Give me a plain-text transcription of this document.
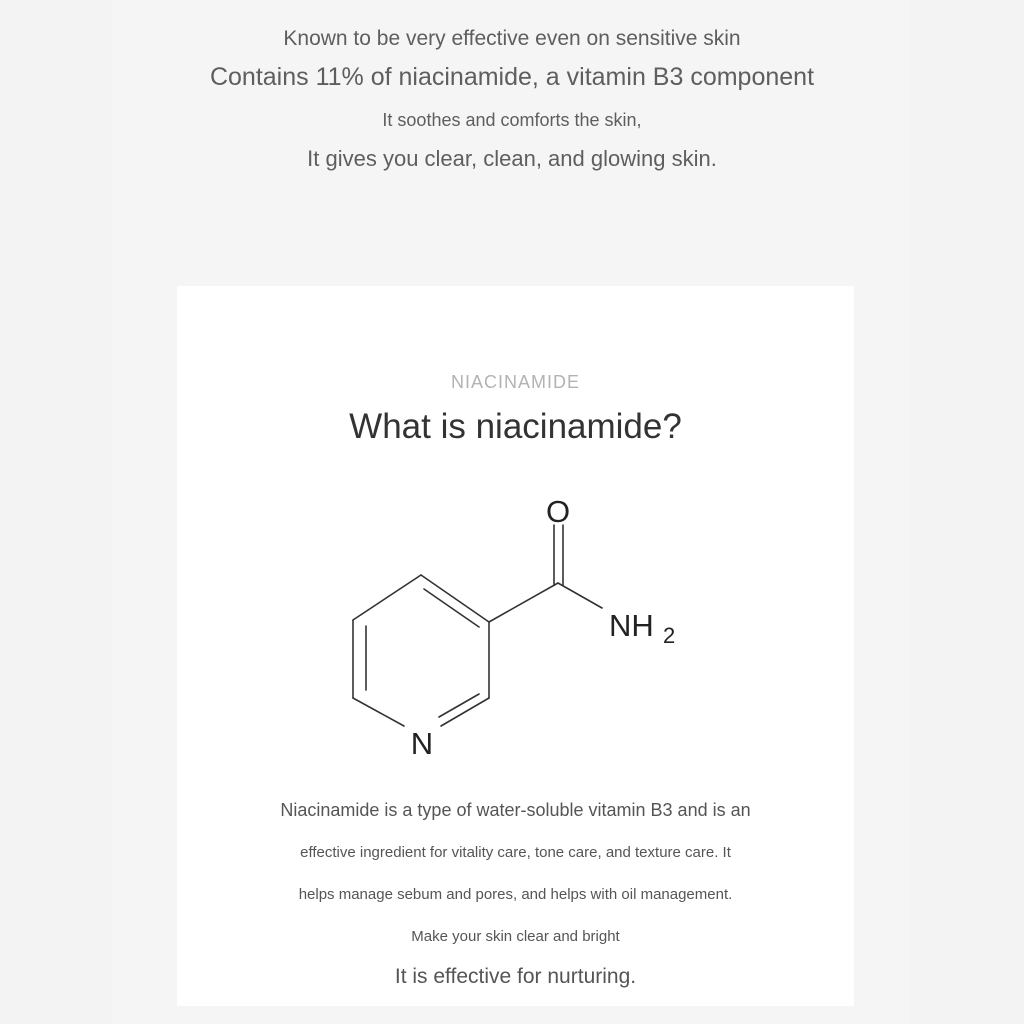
Known to be very effective even on sensitive skin
Contains 11% of niacinamide, a vitamin B3 component
It soothes and comforts the skin,
It gives you clear, clean, and glowing skin.
NIACINAMIDE
What is niacinamide?
O
NH 2
N
Niacinamide is a type of water-soluble vitamin B3 and is an
effective ingredient for vitality care, tone care, and texture care. It
helps manage sebum and pores, and helps with oil management.
Make your skin clear and bright
It is effective for nurturing.
